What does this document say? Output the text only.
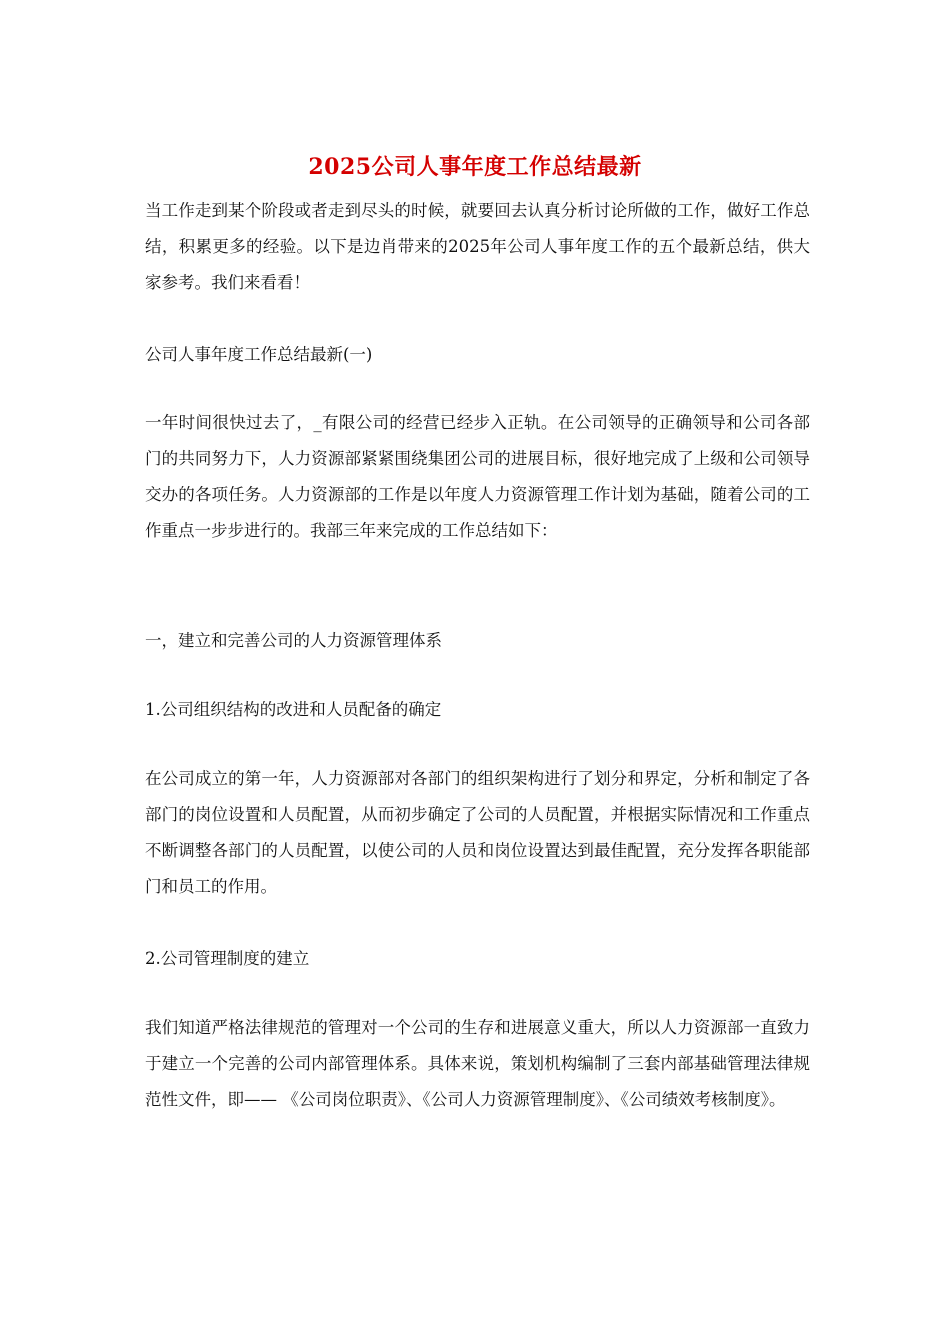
2025公司人事年度工作总结最新

当工作走到某个阶段或者走到尽头的时候，就要回去认真分析讨论所做的工作，做好工作总结，积累更多的经验。以下是边肖带来的2025年公司人事年度工作的五个最新总结，供大家参考。我们来看看！

公司人事年度工作总结最新(一)

一年时间很快过去了，_有限公司的经营已经步入正轨。在公司领导的正确领导和公司各部门的共同努力下，人力资源部紧紧围绕集团公司的进展目标，很好地完成了上级和公司领导交办的各项任务。人力资源部的工作是以年度人力资源管理工作计划为基础，随着公司的工作重点一步步进行的。我部三年来完成的工作总结如下：

一，建立和完善公司的人力资源管理体系

1.公司组织结构的改进和人员配备的确定

在公司成立的第一年，人力资源部对各部门的组织架构进行了划分和界定，分析和制定了各部门的岗位设置和人员配置，从而初步确定了公司的人员配置，并根据实际情况和工作重点不断调整各部门的人员配置，以使公司的人员和岗位设置达到最佳配置，充分发挥各职能部门和员工的作用。

2.公司管理制度的建立

我们知道严格法律规范的管理对一个公司的生存和进展意义重大，所以人力资源部一直致力于建立一个完善的公司内部管理体系。具体来说，策划机构编制了三套内部基础管理法律规范性文件，即—— 《公司岗位职责》、《公司人力资源管理制度》、《公司绩效考核制度》。
